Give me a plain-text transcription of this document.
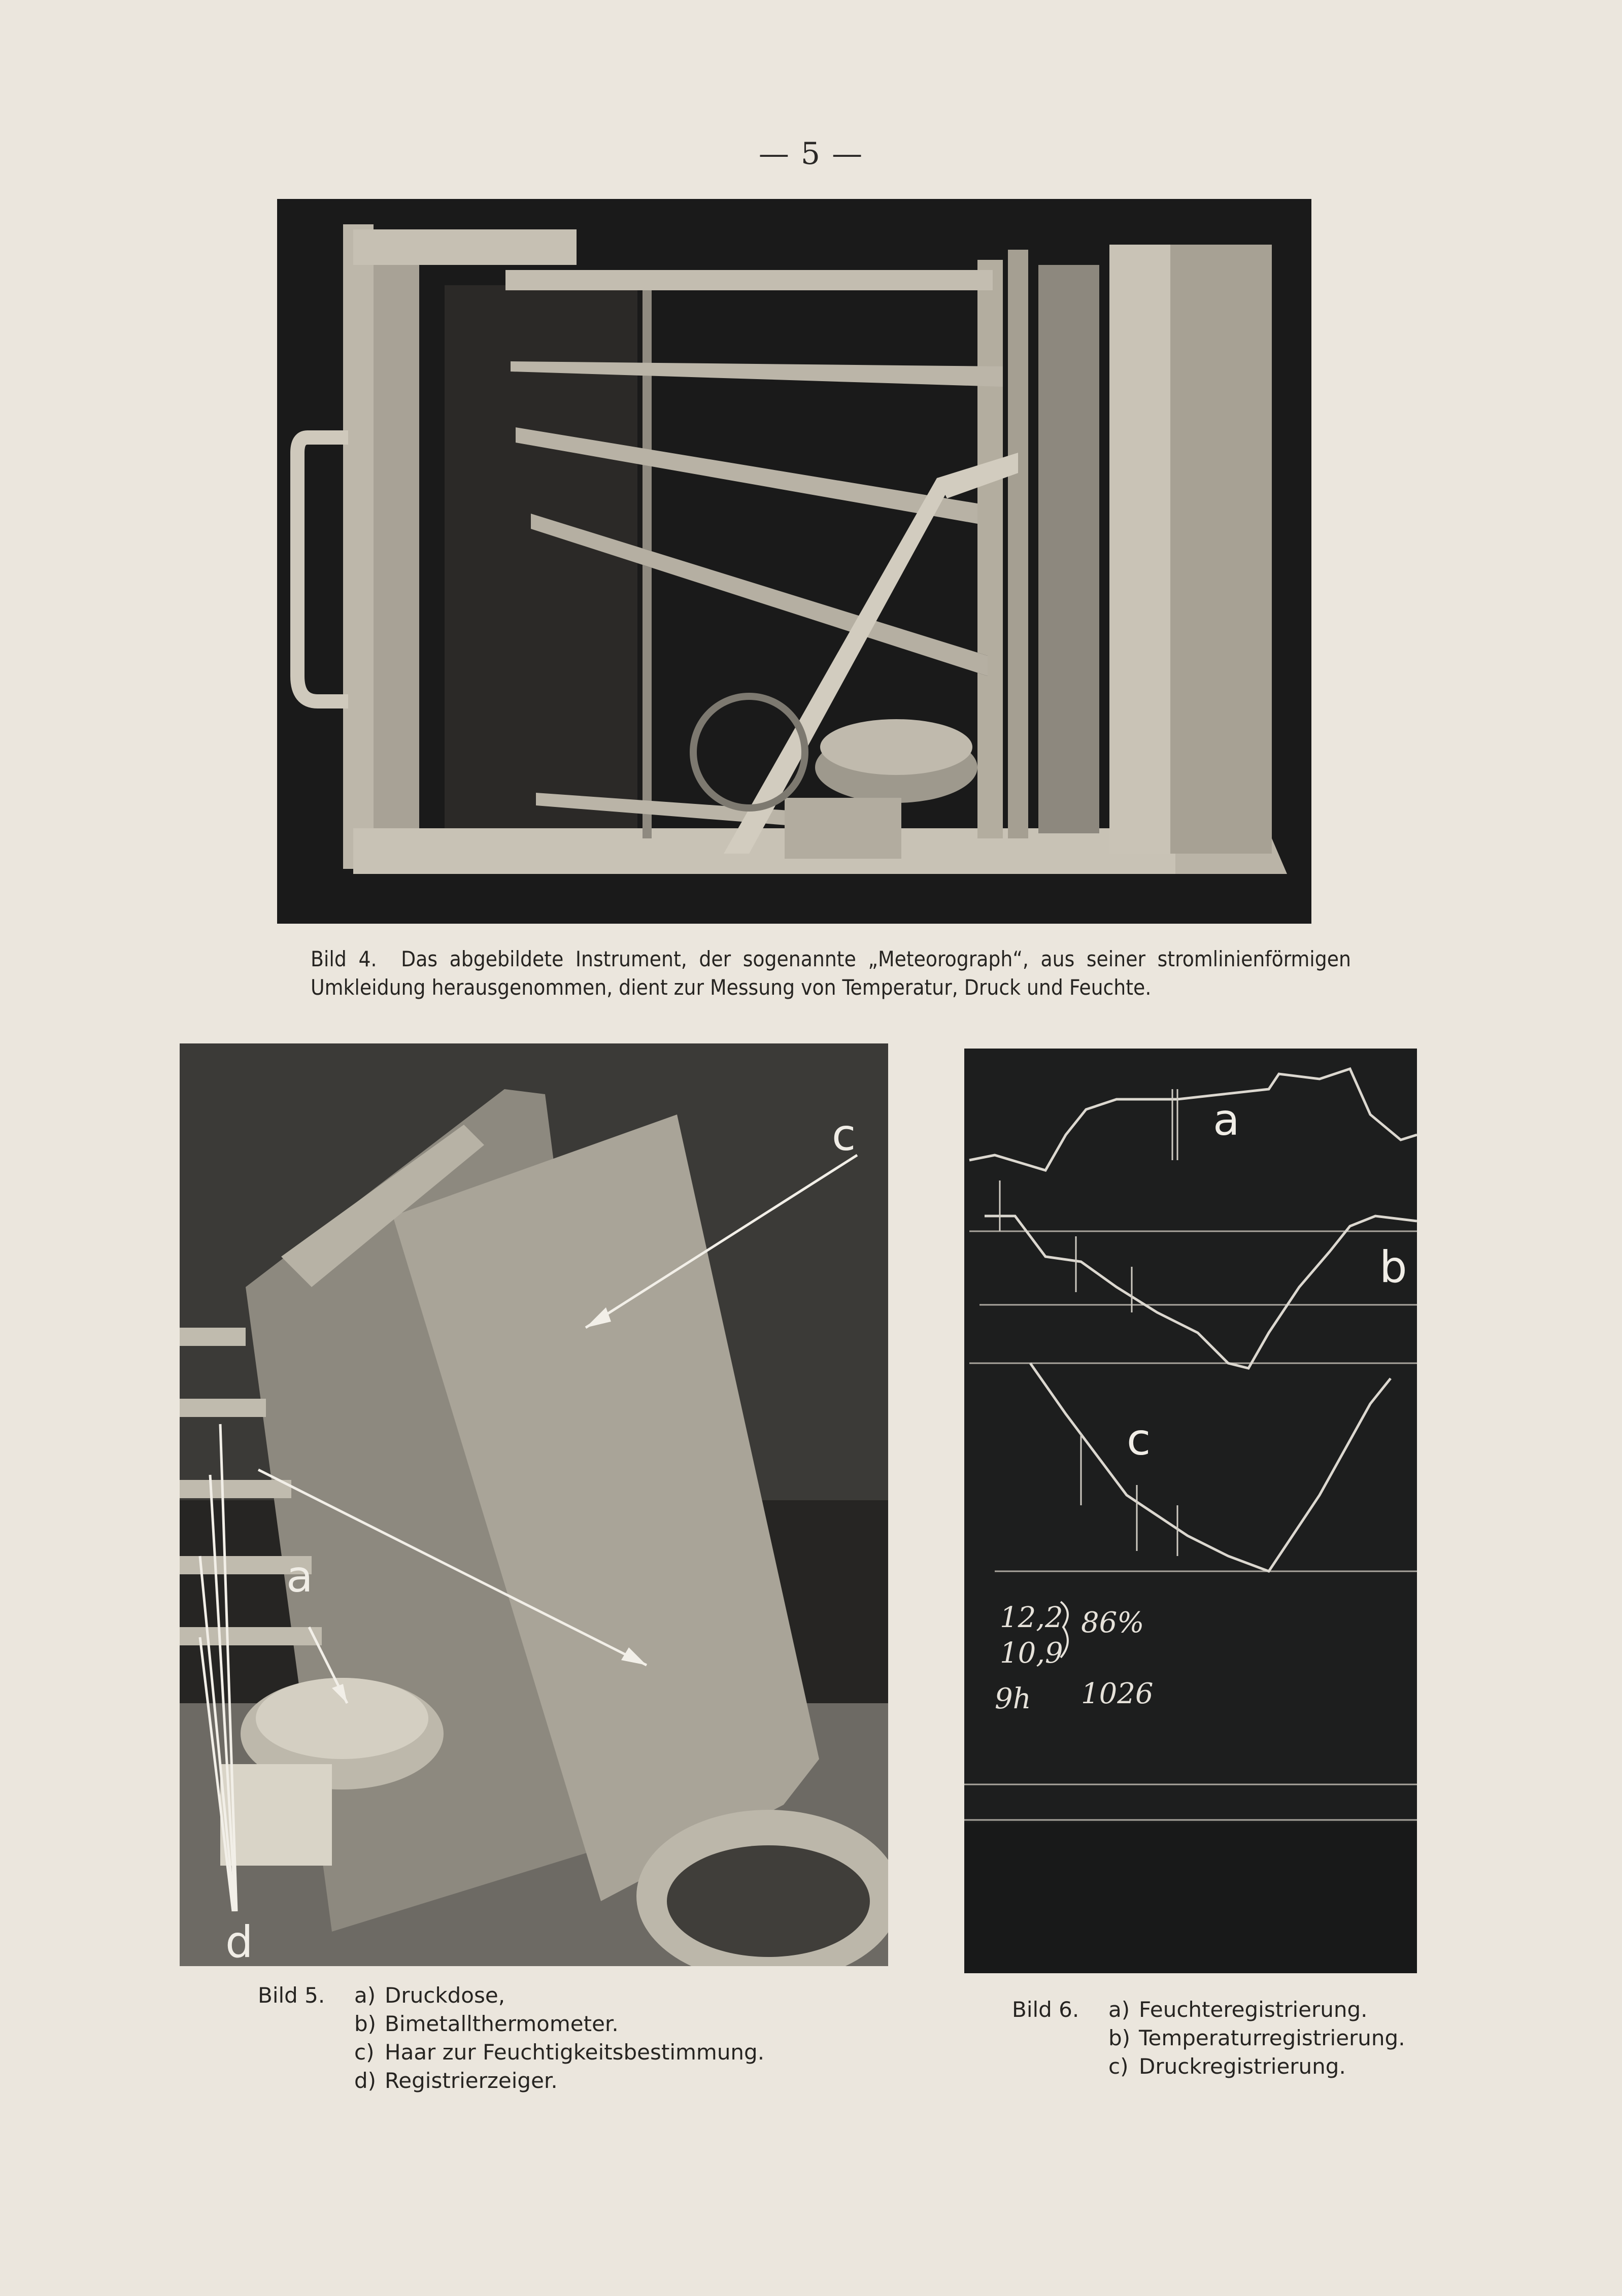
— 5 —
Bild 4. Das abgebildete Instrument, der sogenannte „Meteorograph“, aus seiner stromlinienförmigen Umkleidung herausgenommen, dient zur Messung von Temperatur, Druck und Feuchte.
c
a
d
a
b
c
12,2 86%
10,9
9h 1026
Bild 5. a) Druckdose,
b) Bimetallthermometer.
c) Haar zur Feuchtigkeitsbestimmung.
d) Registrierzeiger.
Bild 6. a) Feuchteregistrierung.
b) Temperaturregistrierung.
c) Druckregistrierung.
